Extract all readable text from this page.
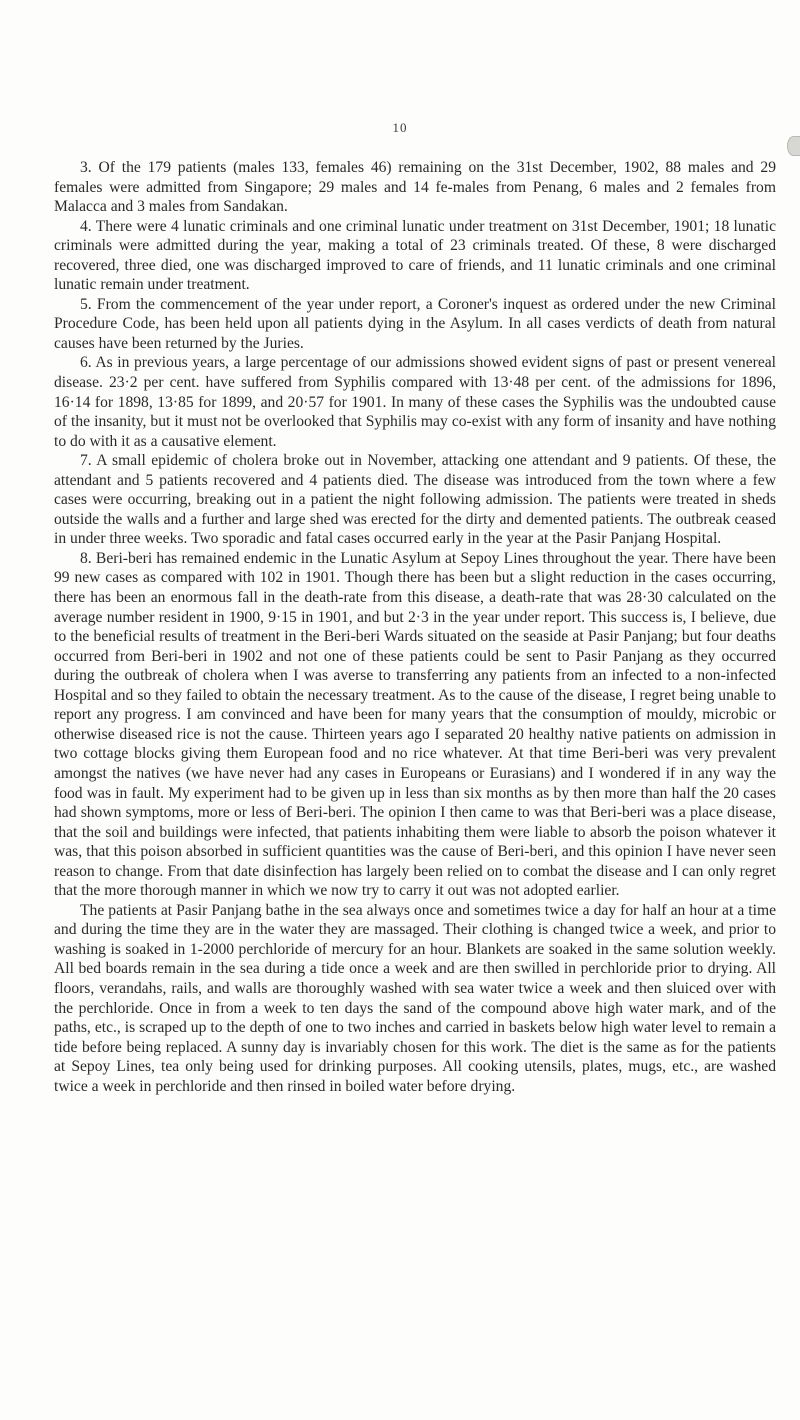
10

3. Of the 179 patients (males 133, females 46) remaining on the 31st December, 1902, 88 males and 29 females were admitted from Singapore; 29 males and 14 fe-males from Penang, 6 males and 2 females from Malacca and 3 males from Sandakan.

4. There were 4 lunatic criminals and one criminal lunatic under treatment on 31st December, 1901; 18 lunatic criminals were admitted during the year, making a total of 23 criminals treated. Of these, 8 were discharged recovered, three died, one was discharged improved to care of friends, and 11 lunatic criminals and one criminal lunatic remain under treatment.

5. From the commencement of the year under report, a Coroner's inquest as ordered under the new Criminal Procedure Code, has been held upon all patients dying in the Asylum. In all cases verdicts of death from natural causes have been returned by the Juries.

6. As in previous years, a large percentage of our admissions showed evident signs of past or present venereal disease. 23·2 per cent. have suffered from Syphilis compared with 13·48 per cent. of the admissions for 1896, 16·14 for 1898, 13·85 for 1899, and 20·57 for 1901. In many of these cases the Syphilis was the undoubted cause of the insanity, but it must not be overlooked that Syphilis may co-exist with any form of insanity and have nothing to do with it as a causative element.

7. A small epidemic of cholera broke out in November, attacking one attendant and 9 patients. Of these, the attendant and 5 patients recovered and 4 patients died. The disease was introduced from the town where a few cases were occurring, breaking out in a patient the night following admission. The patients were treated in sheds outside the walls and a further and large shed was erected for the dirty and demented patients. The outbreak ceased in under three weeks. Two sporadic and fatal cases occurred early in the year at the Pasir Panjang Hospital.

8. Beri-beri has remained endemic in the Lunatic Asylum at Sepoy Lines throughout the year. There have been 99 new cases as compared with 102 in 1901. Though there has been but a slight reduction in the cases occurring, there has been an enormous fall in the death-rate from this disease, a death-rate that was 28·30 calculated on the average number resident in 1900, 9·15 in 1901, and but 2·3 in the year under report. This success is, I believe, due to the beneficial results of treatment in the Beri-beri Wards situated on the seaside at Pasir Panjang; but four deaths occurred from Beri-beri in 1902 and not one of these patients could be sent to Pasir Panjang as they occurred during the outbreak of cholera when I was averse to transferring any patients from an infected to a non-infected Hospital and so they failed to obtain the necessary treatment. As to the cause of the disease, I regret being unable to report any progress. I am convinced and have been for many years that the consumption of mouldy, microbic or otherwise diseased rice is not the cause. Thirteen years ago I separated 20 healthy native patients on admission in two cottage blocks giving them European food and no rice whatever. At that time Beri-beri was very prevalent amongst the natives (we have never had any cases in Europeans or Eurasians) and I wondered if in any way the food was in fault. My experiment had to be given up in less than six months as by then more than half the 20 cases had shown symptoms, more or less of Beri-beri. The opinion I then came to was that Beri-beri was a place disease, that the soil and buildings were infected, that patients inhabiting them were liable to absorb the poison whatever it was, that this poison absorbed in sufficient quantities was the cause of Beri-beri, and this opinion I have never seen reason to change. From that date disinfection has largely been relied on to combat the disease and I can only regret that the more thorough manner in which we now try to carry it out was not adopted earlier.

The patients at Pasir Panjang bathe in the sea always once and sometimes twice a day for half an hour at a time and during the time they are in the water they are massaged. Their clothing is changed twice a week, and prior to washing is soaked in 1-2000 perchloride of mercury for an hour. Blankets are soaked in the same solution weekly. All bed boards remain in the sea during a tide once a week and are then swilled in perchloride prior to drying. All floors, verandahs, rails, and walls are thoroughly washed with sea water twice a week and then sluiced over with the perchloride. Once in from a week to ten days the sand of the compound above high water mark, and of the paths, etc., is scraped up to the depth of one to two inches and carried in baskets below high water level to remain a tide before being replaced. A sunny day is invariably chosen for this work. The diet is the same as for the patients at Sepoy Lines, tea only being used for drinking purposes. All cooking utensils, plates, mugs, etc., are washed twice a week in perchloride and then rinsed in boiled water before drying.
